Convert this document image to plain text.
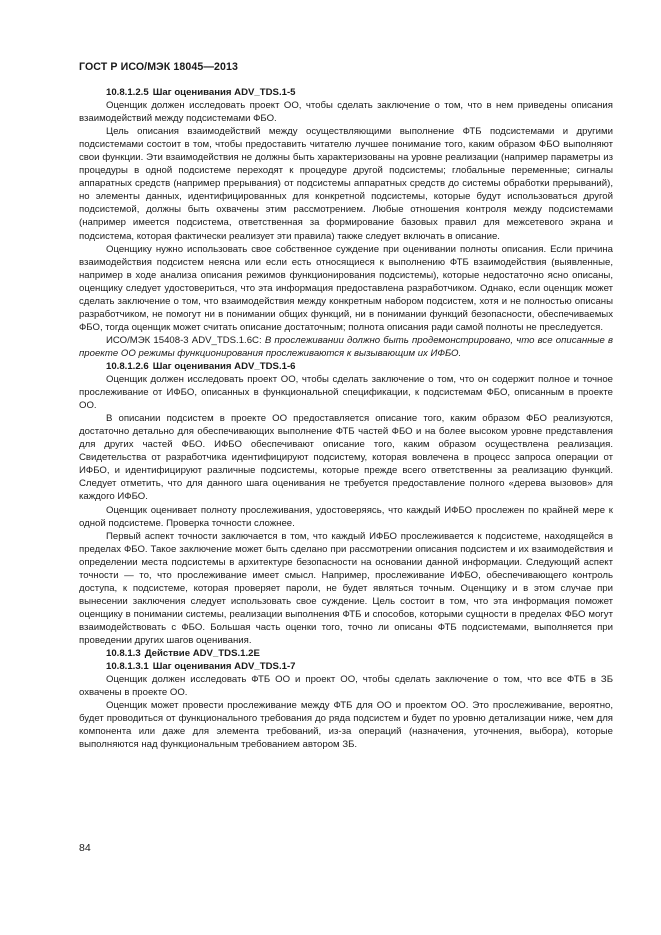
ГОСТ Р ИСО/МЭК 18045—2013

10.8.1.2.5 Шаг оценивания ADV_TDS.1-5

Оценщик должен исследовать проект ОО, чтобы сделать заключение о том, что в нем приведены описания взаимодействий между подсистемами ФБО.

Цель описания взаимодействий между осуществляющими выполнение ФТБ подсистемами и другими подсистемами состоит в том, чтобы предоставить читателю лучшее понимание того, каким образом ФБО выполняют свои функции. Эти взаимодействия не должны быть характеризованы на уровне реализации (например параметры из процедуры в одной подсистеме переходят к процедуре другой подсистемы; глобальные переменные; сигналы аппаратных средств (например прерывания) от подсистемы аппаратных средств до системы обработки прерываний), но элементы данных, идентифицированных для конкретной подсистемы, которые будут использоваться другой подсистемой, должны быть охвачены этим рассмотрением. Любые отношения контроля между подсистемами (например имеется подсистема, ответственная за формирование базовых правил для межсетевого экрана и подсистема, которая фактически реализует эти правила) также следует включать в описание.

Оценщику нужно использовать свое собственное суждение при оценивании полноты описания. Если причина взаимодействия подсистем неясна или если есть относящиеся к выполнению ФТБ взаимодействия (выявленные, например в ходе анализа описания режимов функционирования подсистемы), которые недостаточно ясно описаны, оценщику следует удостовериться, что эта информация предоставлена разработчиком. Однако, если оценщик может сделать заключение о том, что взаимодействия между конкретным набором подсистем, хотя и не полностью описаны разработчиком, не помогут ни в понимании общих функций, ни в понимании функций безопасности, обеспечиваемых ФБО, тогда оценщик может считать описание достаточным; полнота описания ради самой полноты не преследуется.

ИСО/МЭК 15408-3 ADV_TDS.1.6C: В прослеживании должно быть продемонстрировано, что все описанные в проекте ОО режимы функционирования прослеживаются к вызывающим их ИФБО.

10.8.1.2.6 Шаг оценивания ADV_TDS.1-6

Оценщик должен исследовать проект ОО, чтобы сделать заключение о том, что он содержит полное и точное прослеживание от ИФБО, описанных в функциональной спецификации, к подсистемам ФБО, описанным в проекте ОО.

В описании подсистем в проекте ОО предоставляется описание того, каким образом ФБО реализуются, достаточно детально для обеспечивающих выполнение ФТБ частей ФБО и на более высоком уровне представления для других частей ФБО. ИФБО обеспечивают описание того, каким образом осуществлена реализация. Свидетельства от разработчика идентифицируют подсистему, которая вовлечена в процесс запроса операции от ИФБО, и идентифицируют различные подсистемы, которые прежде всего ответственны за реализацию функций. Следует отметить, что для данного шага оценивания не требуется предоставление полного «дерева вызовов» для каждого ИФБО.

Оценщик оценивает полноту прослеживания, удостоверяясь, что каждый ИФБО прослежен по крайней мере к одной подсистеме. Проверка точности сложнее.

Первый аспект точности заключается в том, что каждый ИФБО прослеживается к подсистеме, находящейся в пределах ФБО. Такое заключение может быть сделано при рассмотрении описания подсистем и их взаимодействия и определении места подсистемы в архитектуре безопасности на основании данной информации. Следующий аспект точности — то, что прослеживание имеет смысл. Например, прослеживание ИФБО, обеспечивающего контроль доступа, к подсистеме, которая проверяет пароли, не будет являться точным. Оценщику и в этом случае при вынесении заключения следует использовать свое суждение. Цель состоит в том, что эта информация поможет оценщику в понимании системы, реализации выполнения ФТБ и способов, которыми сущности в пределах ФБО могут взаимодействовать с ФБО. Большая часть оценки того, точно ли описаны ФТБ подсистемами, выполняется при проведении других шагов оценивания.

10.8.1.3 Действие ADV_TDS.1.2E

10.8.1.3.1 Шаг оценивания ADV_TDS.1-7

Оценщик должен исследовать ФТБ ОО и проект ОО, чтобы сделать заключение о том, что все ФТБ в ЗБ охвачены в проекте ОО.

Оценщик может провести прослеживание между ФТБ для ОО и проектом ОО. Это прослеживание, вероятно, будет проводиться от функционального требования до ряда подсистем и будет по уровню детализации ниже, чем для компонента или даже для элемента требований, из-за операций (назначения, уточнения, выбора), которые выполняются над функциональным требованием автором ЗБ.

84
